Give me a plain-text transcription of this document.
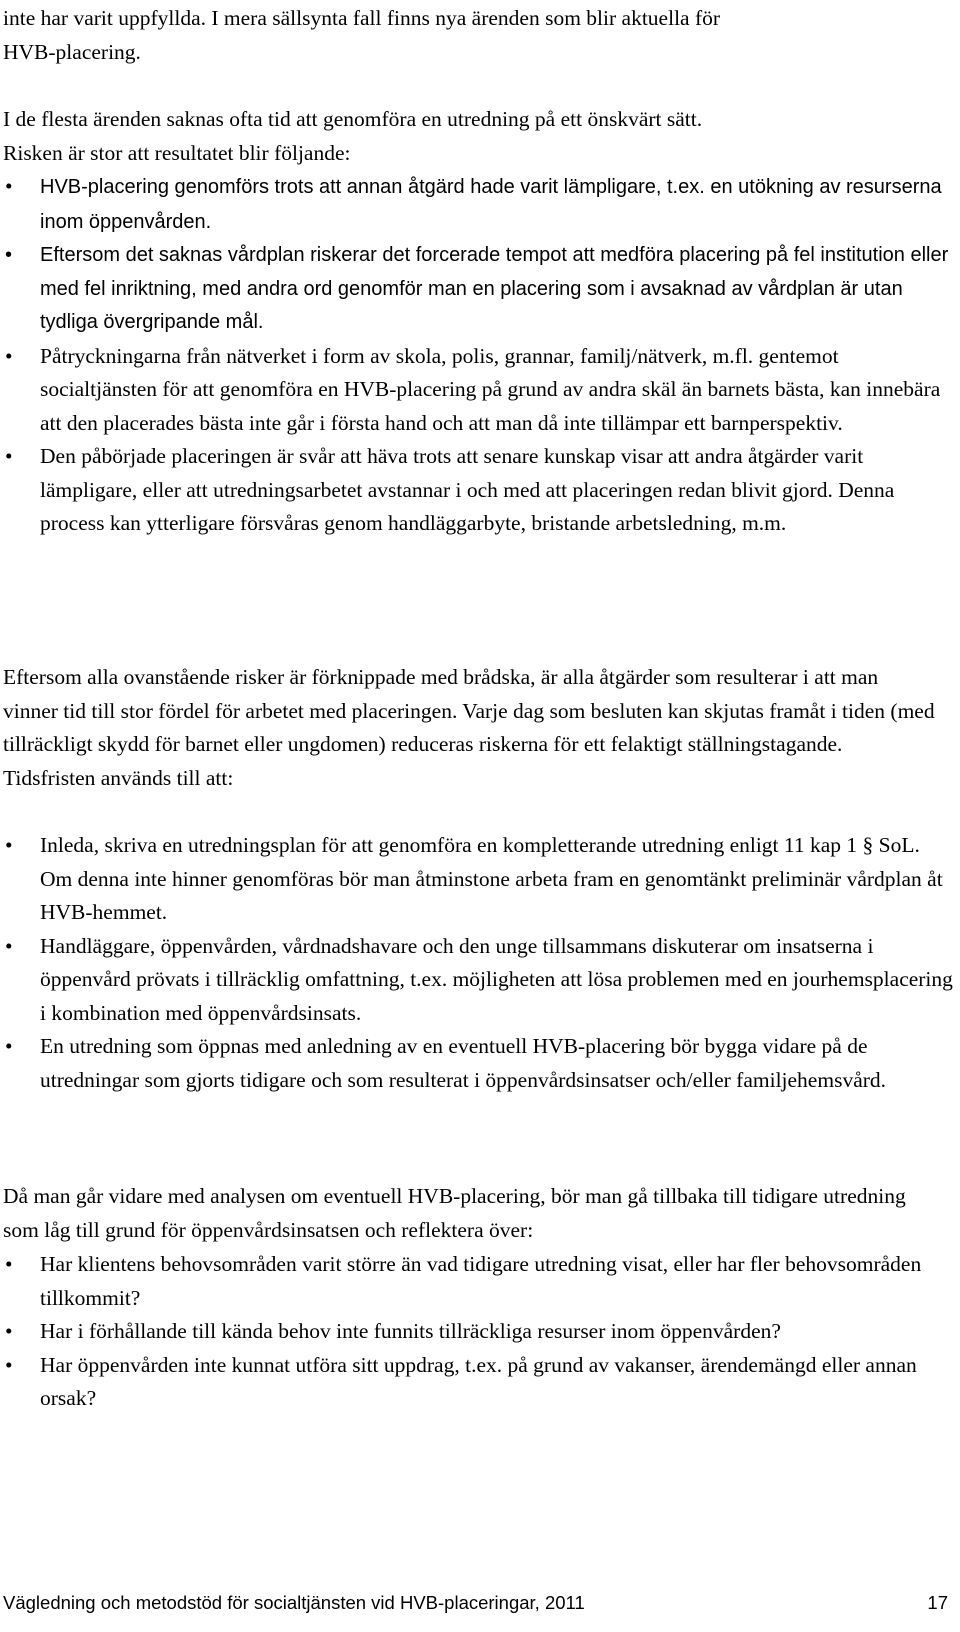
inte har varit uppfyllda. I mera sällsynta fall finns nya ärenden som blir aktuella för
HVB-placering.

I de flesta ärenden saknas ofta tid att genomföra en utredning på ett önskvärt sätt.
Risken är stor att resultatet blir följande:

• HVB-placering genomförs trots att annan åtgärd hade varit lämpligare, t.ex. en utökning av resurserna inom öppenvården.
• Eftersom det saknas vårdplan riskerar det forcerade tempot att medföra placering på fel institution eller med fel inriktning, med andra ord genomför man en placering som i avsaknad av vårdplan är utan tydliga övergripande mål.
• Påtryckningarna från nätverket i form av skola, polis, grannar, familj/nätverk, m.fl. gentemot socialtjänsten för att genomföra en HVB-placering på grund av andra skäl än barnets bästa, kan innebära att den placerades bästa inte går i första hand och att man då inte tillämpar ett barnperspektiv.
• Den påbörjade placeringen är svår att häva trots att senare kunskap visar att andra åtgärder varit lämpligare, eller att utredningsarbetet avstannar i och med att placeringen redan blivit gjord. Denna process kan ytterligare försvåras genom handläggarbyte, bristande arbetsledning, m.m.

Eftersom alla ovanstående risker är förknippade med brådska, är alla åtgärder som resulterar i att man vinner tid till stor fördel för arbetet med placeringen. Varje dag som besluten kan skjutas framåt i tiden (med tillräckligt skydd för barnet eller ungdomen) reduceras riskerna för ett felaktigt ställningstagande. Tidsfristen används till att:

• Inleda, skriva en utredningsplan för att genomföra en kompletterande utredning enligt 11 kap 1 § SoL. Om denna inte hinner genomföras bör man åtminstone arbeta fram en genomtänkt preliminär vårdplan åt HVB-hemmet.
• Handläggare, öppenvården, vårdnadshavare och den unge tillsammans diskuterar om insatserna i öppenvård prövats i tillräcklig omfattning, t.ex. möjligheten att lösa problemen med en jourhemsplacering i kombination med öppenvårdsinsats.
• En utredning som öppnas med anledning av en eventuell HVB-placering bör bygga vidare på de utredningar som gjorts tidigare och som resulterat i öppenvårdsinsatser och/eller familjehemsvård.

Då man går vidare med analysen om eventuell HVB-placering, bör man gå tillbaka till tidigare utredning som låg till grund för öppenvårdsinsatsen och reflektera över:

• Har klientens behovsområden varit större än vad tidigare utredning visat, eller har fler behovsområden tillkommit?
• Har i förhållande till kända behov inte funnits tillräckliga resurser inom öppenvården?
• Har öppenvården inte kunnat utföra sitt uppdrag, t.ex. på grund av vakanser, ärendemängd eller annan orsak?
Vägledning och metodstöd för socialtjänsten vid HVB-placeringar, 2011	17
